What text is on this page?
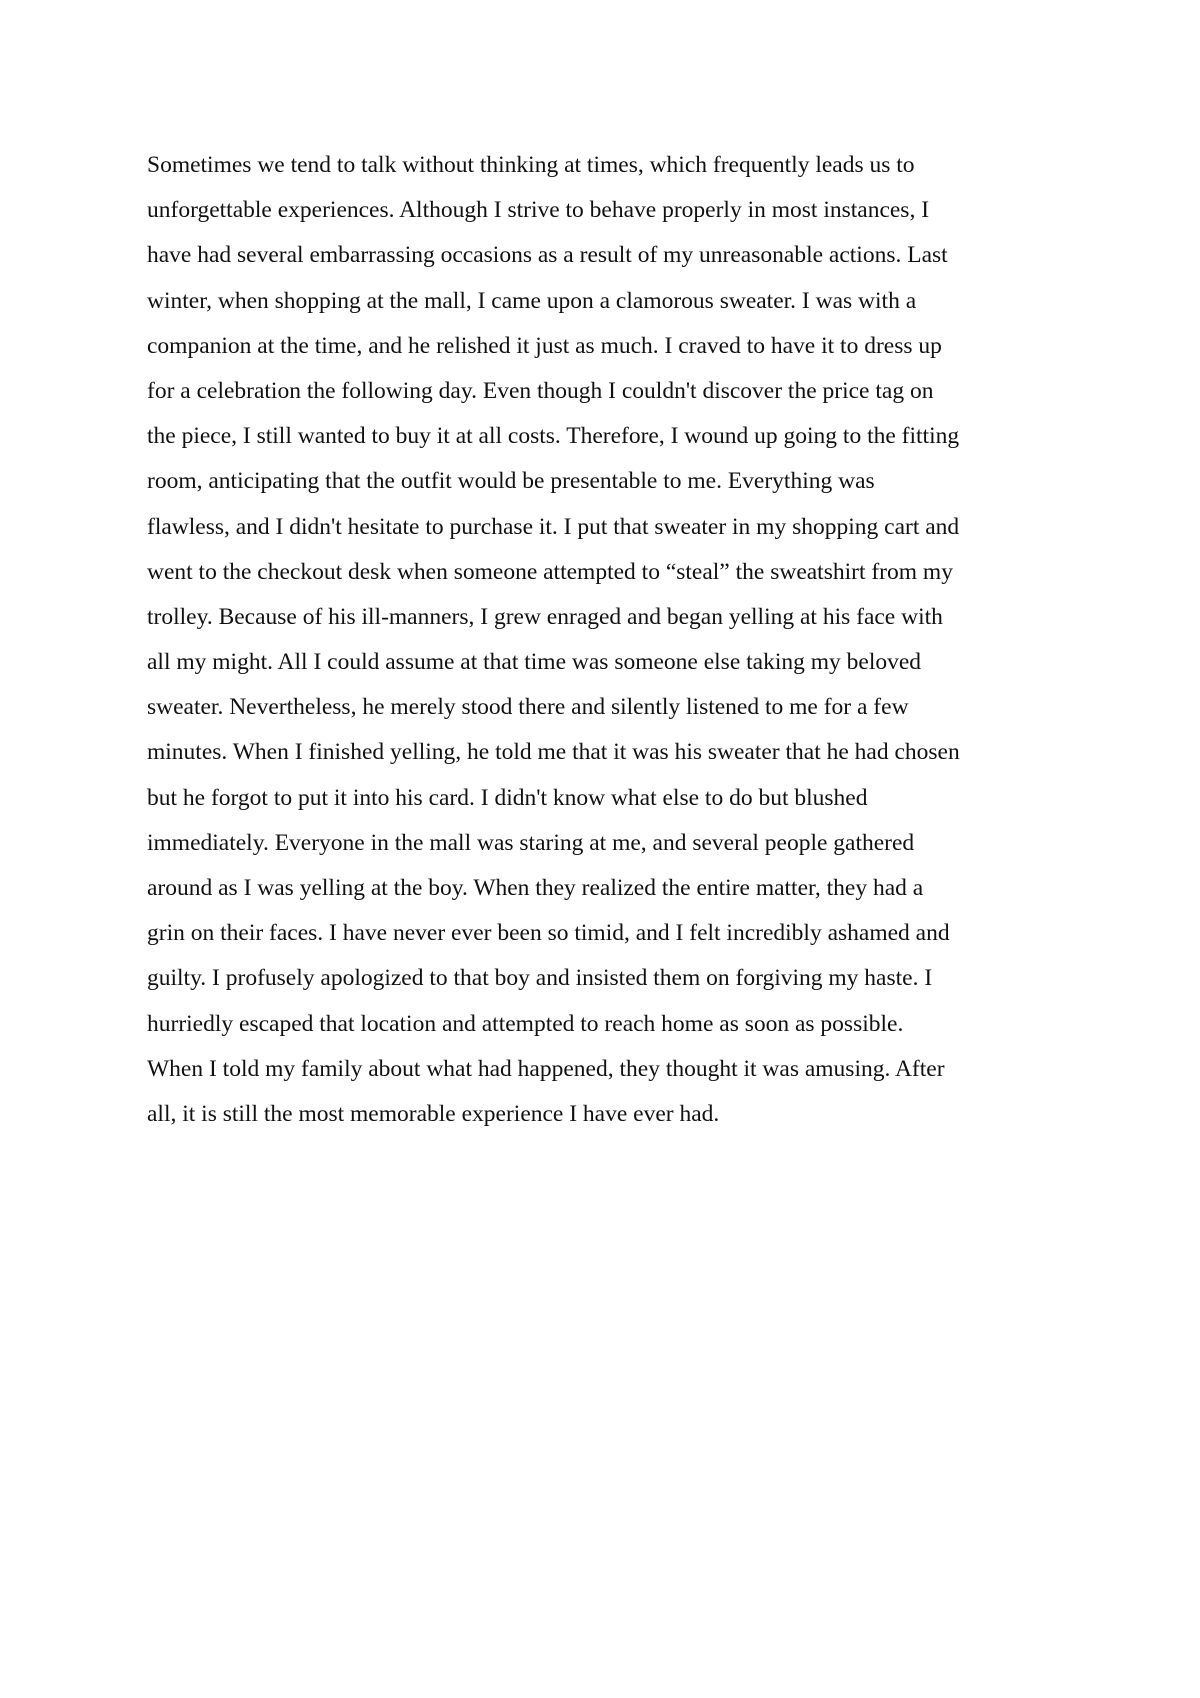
Sometimes we tend to talk without thinking at times, which frequently leads us to
unforgettable experiences. Although I strive to behave properly in most instances, I
have had several embarrassing occasions as a result of my unreasonable actions. Last
winter, when shopping at the mall, I came upon a clamorous sweater. I was with a
companion at the time, and he relished it just as much. I craved to have it to dress up
for a celebration the following day. Even though I couldn't discover the price tag on
the piece, I still wanted to buy it at all costs. Therefore, I wound up going to the fitting
room, anticipating that the outfit would be presentable to me. Everything was
flawless, and I didn't hesitate to purchase it. I put that sweater in my shopping cart and
went to the checkout desk when someone attempted to “steal” the sweatshirt from my
trolley. Because of his ill-manners, I grew enraged and began yelling at his face with
all my might. All I could assume at that time was someone else taking my beloved
sweater. Nevertheless, he merely stood there and silently listened to me for a few
minutes. When I finished yelling, he told me that it was his sweater that he had chosen
but he forgot to put it into his card. I didn't know what else to do but blushed
immediately. Everyone in the mall was staring at me, and several people gathered
around as I was yelling at the boy. When they realized the entire matter, they had a
grin on their faces. I have never ever been so timid, and I felt incredibly ashamed and
guilty. I profusely apologized to that boy and insisted them on forgiving my haste. I
hurriedly escaped that location and attempted to reach home as soon as possible.
When I told my family about what had happened, they thought it was amusing. After
all, it is still the most memorable experience I have ever had.
